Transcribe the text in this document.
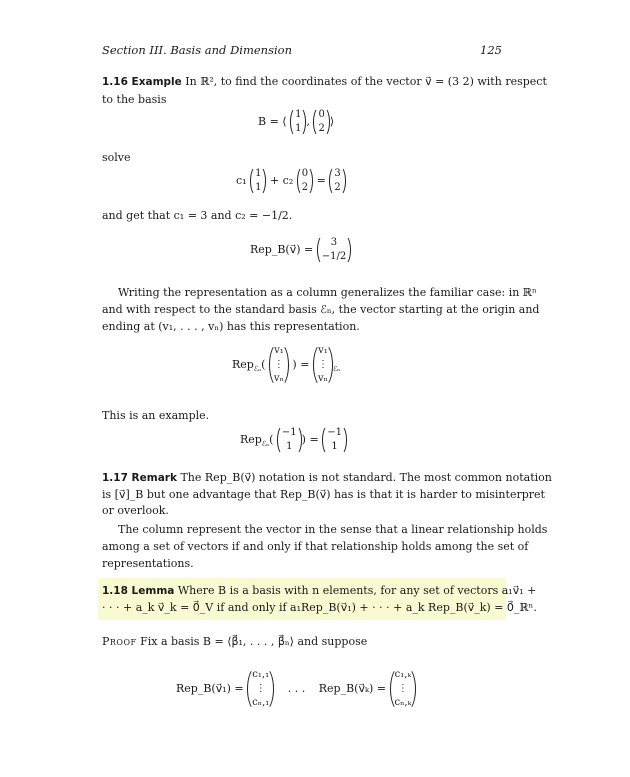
Section III. Basis and Dimension	125
1.16 Example In ℝ², to find the coordinates of the vector v⃗ = (3 2) with respect
to the basis
B = ⟨
1
1
,
0
2
⟩
solve
c₁
1
1
+ c₂
0
2
=
3
2
and get that c₁ = 3 and c₂ = −1/2.
Rep_B(v⃗) =
3
−1/2
Writing the representation as a column generalizes the familiar case: in ℝⁿ
and with respect to the standard basis ℰₙ, the vector starting at the origin and
ending at (v₁, . . . , vₙ) has this representation.
Rep$_{ℰ_n}$(
v₁
⋮
vₙ
) =
v₁
⋮
vₙ
$_{ℰ_n}$
This is an example.
Rep$_{ℰ_n}$(
−1
1
) =
−1
1
1.17 Remark The Rep_B(v⃗) notation is not standard. The most common notation
is [v⃗]_B but one advantage that Rep_B(v⃗) has is that it is harder to misinterpret
or overlook.
The column represent the vector in the sense that a linear relationship holds
among a set of vectors if and only if that relationship holds among the set of
representations.
1.18 Lemma Where B is a basis with n elements, for any set of vectors a₁v⃗₁ +
· · · + a_k v⃗_k = 0⃗_V if and only if a₁Rep_B(v⃗₁) + · · · + a_k Rep_B(v⃗_k) = 0⃗_ℝⁿ.
Proof Fix a basis B = ⟨β⃗₁, . . . , β⃗ₙ⟩ and suppose
Rep_B(v⃗₁) =
c₁,₁
⋮
cₙ,₁
. . . Rep_B(v⃗ₖ) =
c₁,ₖ
⋮
cₙ,ₖ
